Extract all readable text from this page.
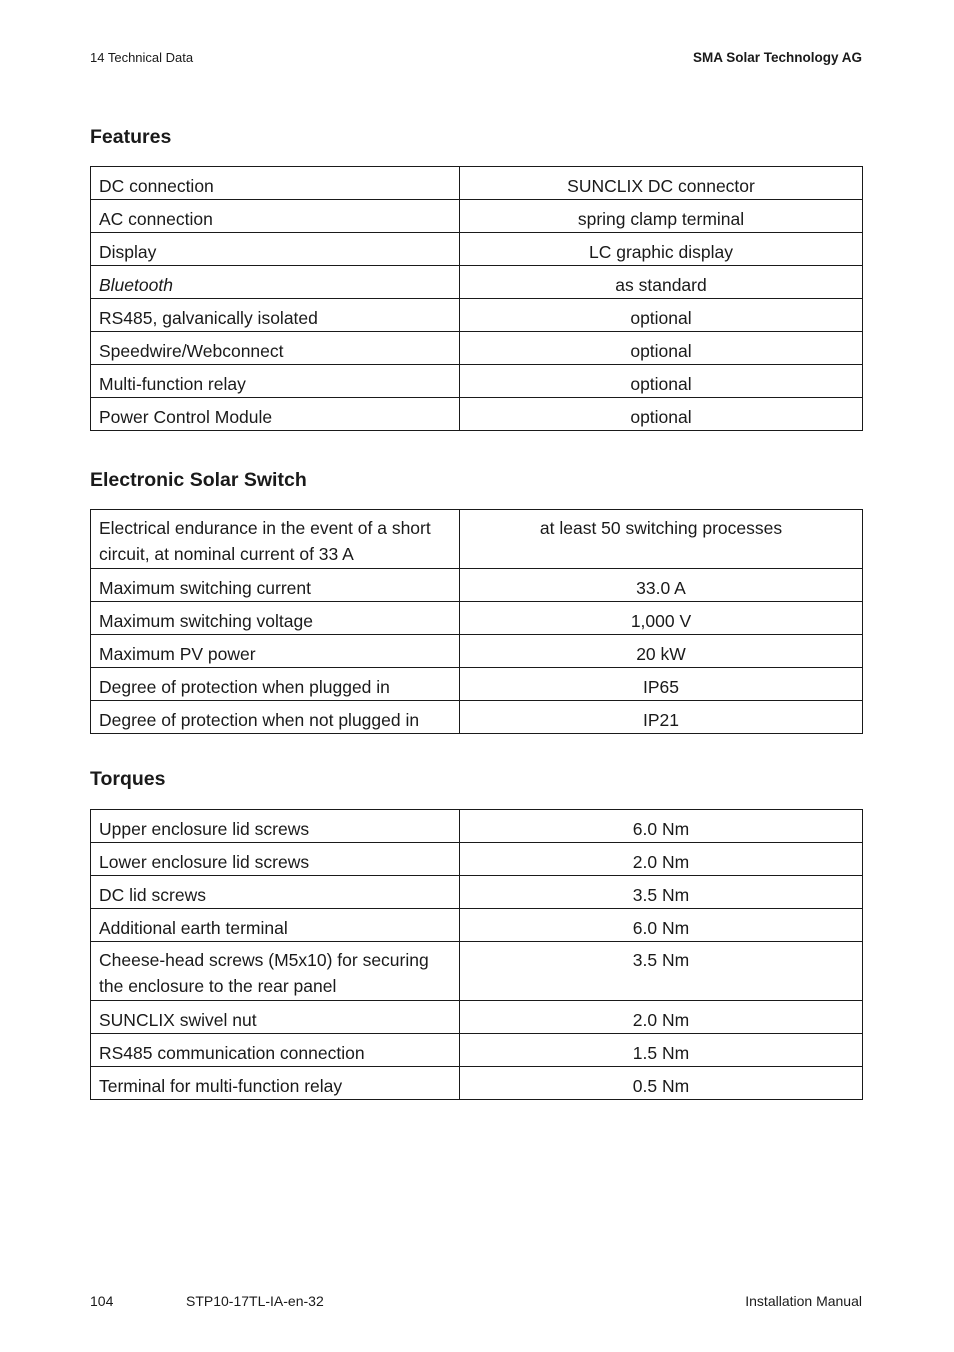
14 Technical Data	SMA Solar Technology AG
Features
DC connection	SUNCLIX DC connector
AC connection	spring clamp terminal
Display	LC graphic display
Bluetooth	as standard
RS485, galvanically isolated	optional
Speedwire/Webconnect	optional
Multi-function relay	optional
Power Control Module	optional
Electronic Solar Switch
Electrical endurance in the event of a short circuit, at nominal current of 33 A	at least 50 switching processes
Maximum switching current	33.0 A
Maximum switching voltage	1,000 V
Maximum PV power	20 kW
Degree of protection when plugged in	IP65
Degree of protection when not plugged in	IP21
Torques
Upper enclosure lid screws	6.0 Nm
Lower enclosure lid screws	2.0 Nm
DC lid screws	3.5 Nm
Additional earth terminal	6.0 Nm
Cheese-head screws (M5x10) for securing the enclosure to the rear panel	3.5 Nm
SUNCLIX swivel nut	2.0 Nm
RS485 communication connection	1.5 Nm
Terminal for multi-function relay	0.5 Nm
104	STP10-17TL-IA-en-32	Installation Manual
